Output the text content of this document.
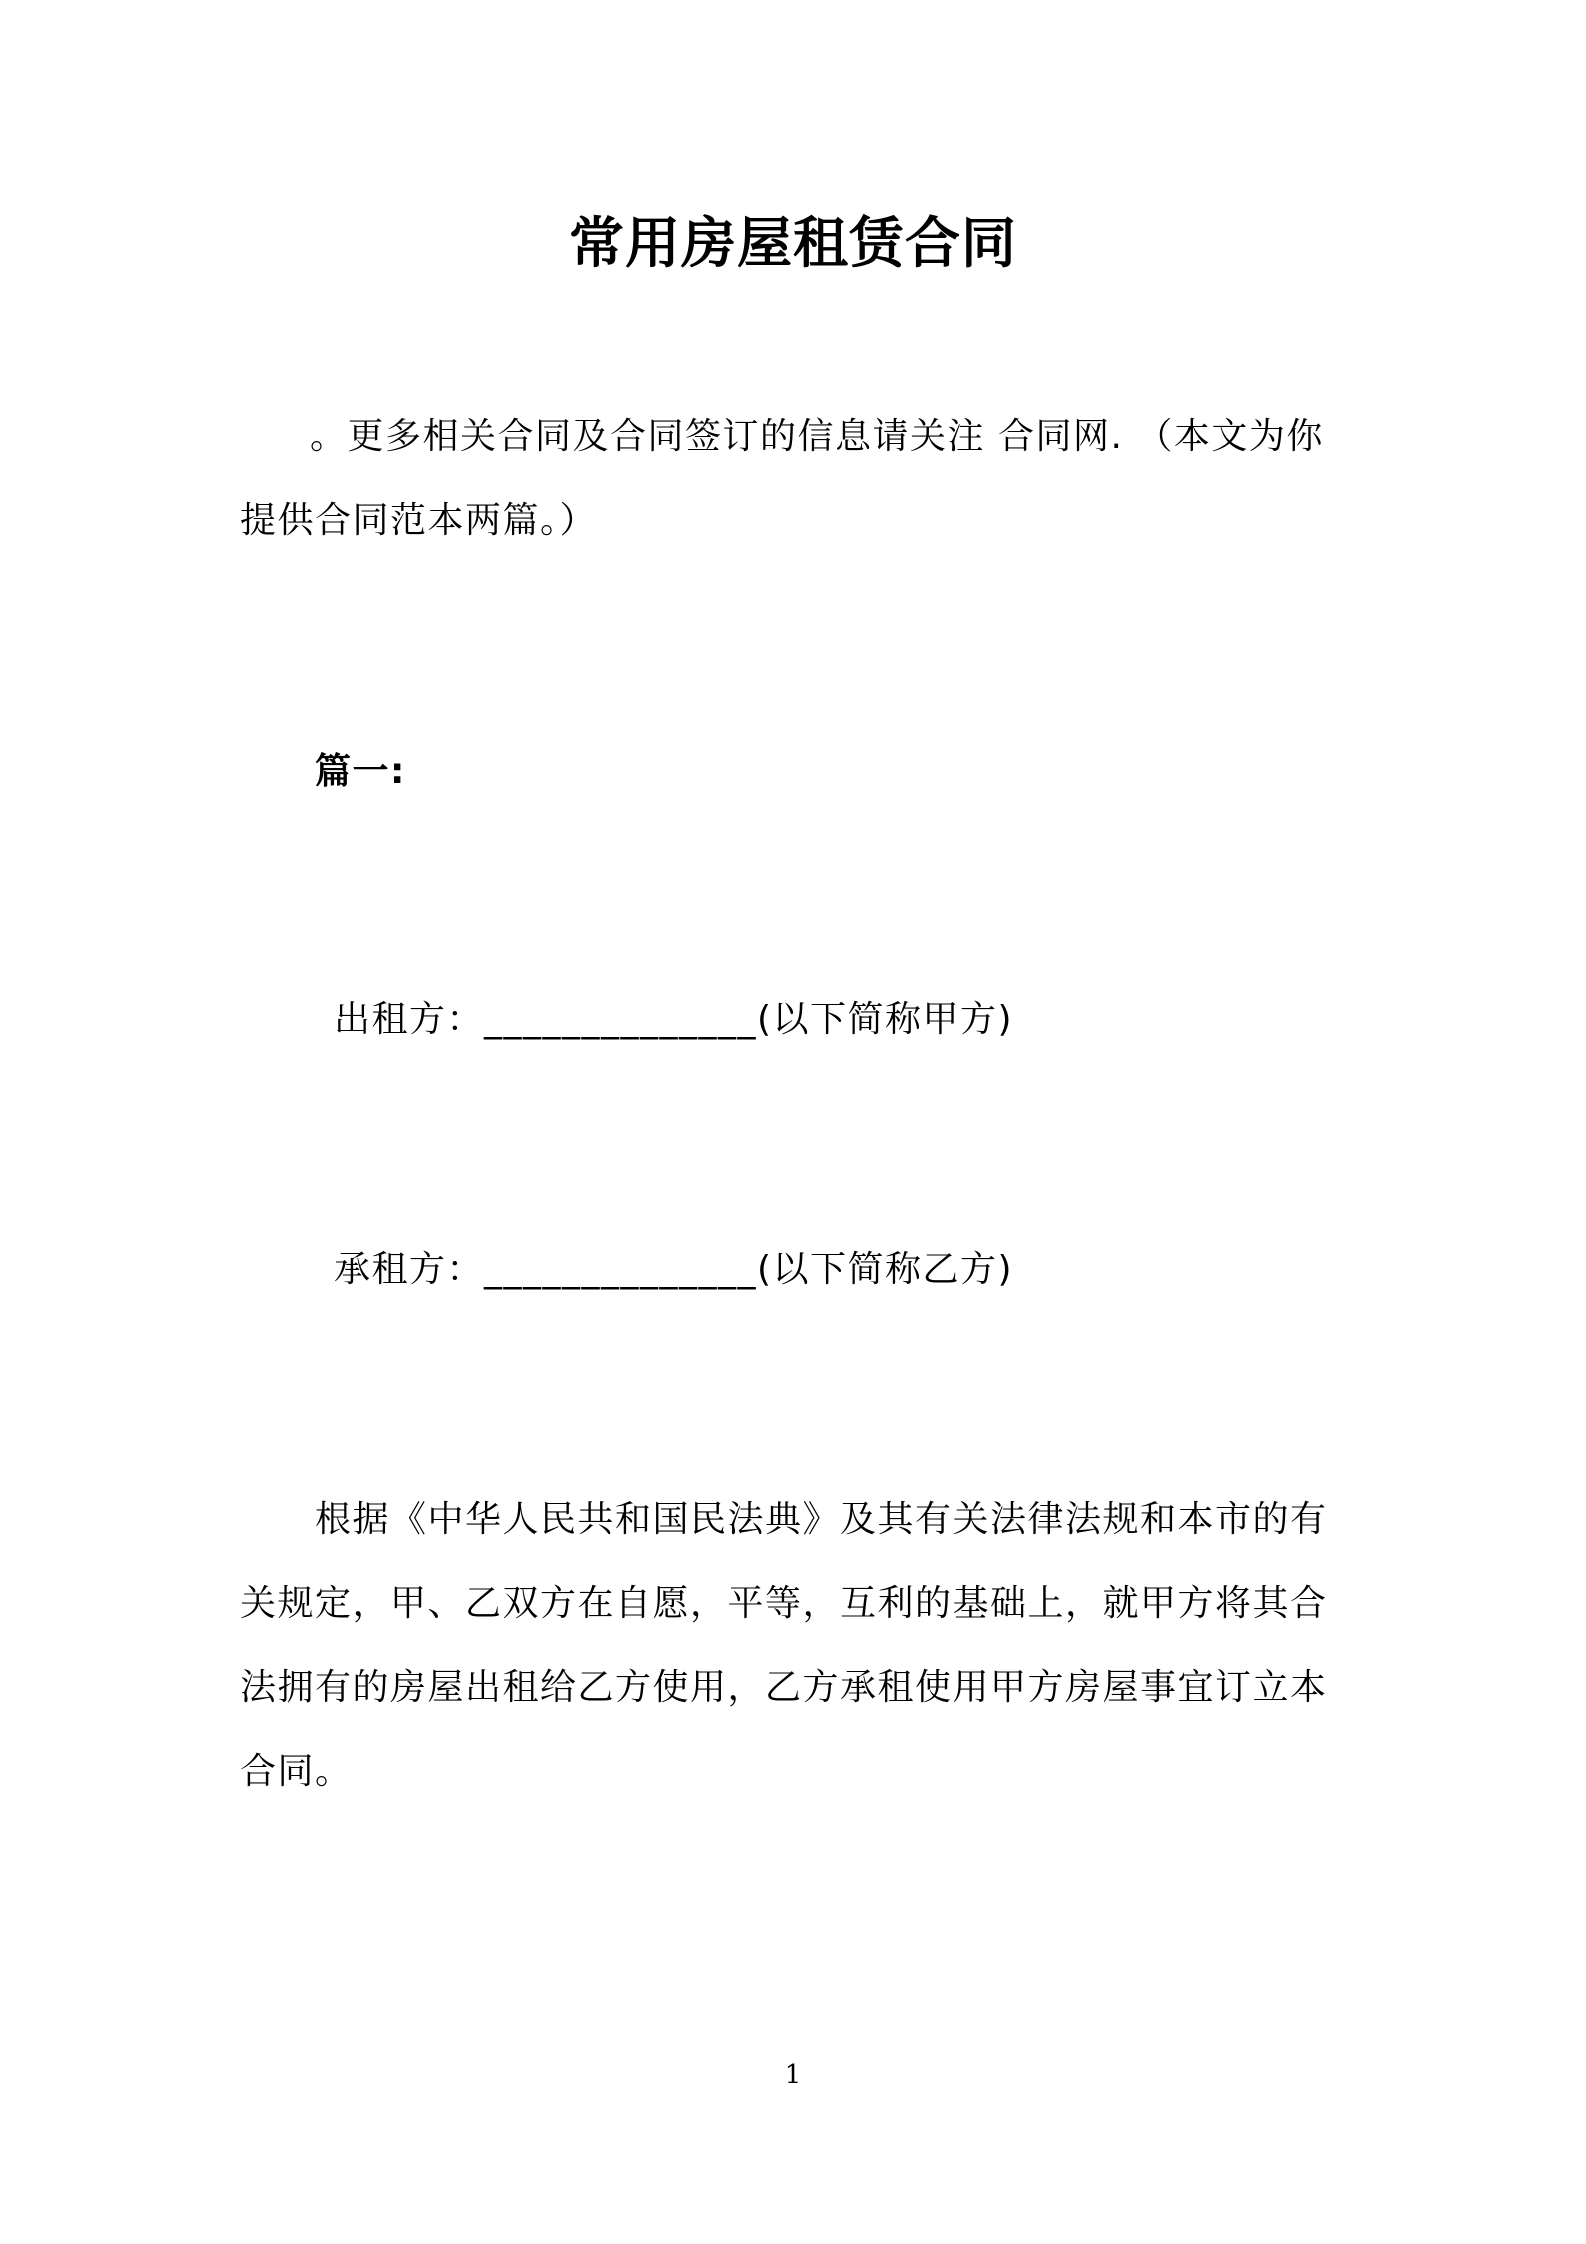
常用房屋租赁合同
。更多相关合同及合同签订的信息请关注 合同网. （本文为你提供合同范本两篇。）
篇一:
出租方：______________(以下简称甲方)
承租方：______________(以下简称乙方)
根据《中华人民共和国民法典》及其有关法律法规和本市的有关规定，甲、乙双方在自愿，平等，互利的基础上，就甲方将其合法拥有的房屋出租给乙方使用，乙方承租使用甲方房屋事宜订立本合同。
1
